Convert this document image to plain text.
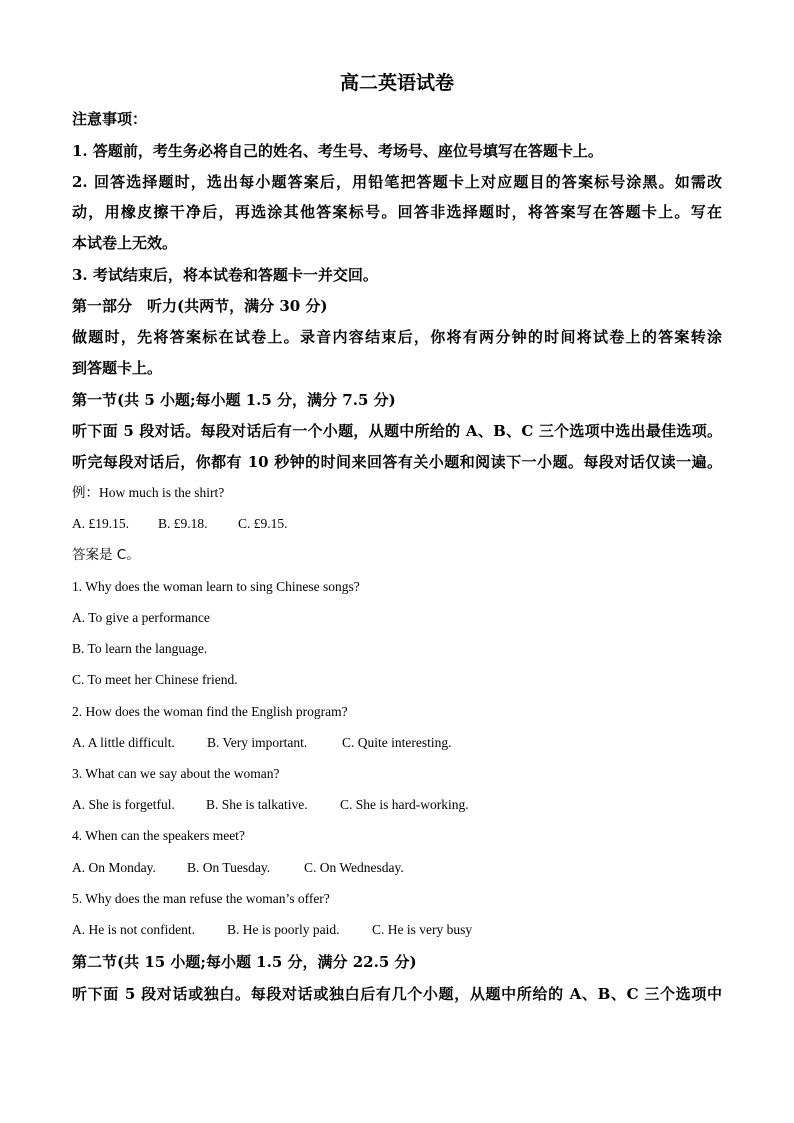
高二英语试卷
注意事项：
1. 答题前，考生务必将自己的姓名、考生号、考场号、座位号填写在答题卡上。
2. 回答选择题时，选出每小题答案后，用铅笔把答题卡上对应题目的答案标号涂黑。如需改
动，用橡皮擦干净后，再选涂其他答案标号。回答非选择题时，将答案写在答题卡上。写在
本试卷上无效。
3. 考试结束后，将本试卷和答题卡一并交回。
第一部分　听力(共两节，满分 30 分)
做题时，先将答案标在试卷上。录音内容结束后，你将有两分钟的时间将试卷上的答案转涂
到答题卡上。
第一节(共 5 小题;每小题 1.5 分，满分 7.5 分)
听下面 5 段对话。每段对话后有一个小题，从题中所给的 A、B、C 三个选项中选出最佳选项。
听完每段对话后，你都有 10 秒钟的时间来回答有关小题和阅读下一小题。每段对话仅读一遍。
例：How much is the shirt?
A. £19.15. B. £9.18. C. £9.15.
答案是 C。
1. Why does the woman learn to sing Chinese songs?
A. To give a performance
B. To learn the language.
C. To meet her Chinese friend.
2. How does the woman find the English program?
A. A little difficult. B. Very important.	C. Quite interesting.
3. What can we say about the woman?
A. She is forgetful. B. She is talkative. C. She is hard-working.
4. When can the speakers meet?
A. On Monday. B. On Tuesday.	C. On Wednesday.
5. Why does the man refuse the woman’s offer?
A. He is not confident. B. He is poorly paid. C. He is very busy
第二节(共 15 小题;每小题 1.5 分，满分 22.5 分)
听下面 5 段对话或独白。每段对话或独白后有几个小题，从题中所给的 A、B、C 三个选项中
